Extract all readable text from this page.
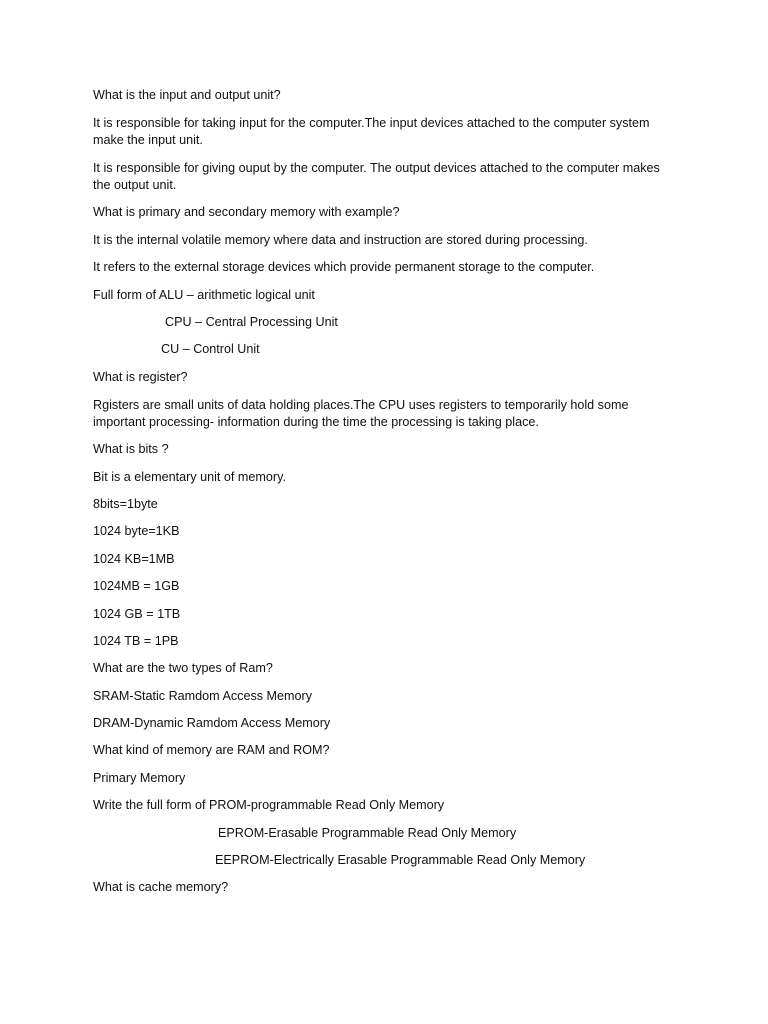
What is the input and output unit?

It is responsible for taking input for the computer.The input devices attached to the computer system make the input unit.

It is responsible for giving ouput by the computer. The output devices attached to the computer makes the output unit.

What is primary and secondary memory with example?

It is the internal volatile memory where data and instruction are stored during processing.

It refers to the external storage devices which provide permanent storage to the computer.

Full form of ALU – arithmetic logical unit

CPU – Central Processing Unit

CU – Control Unit

What is register?

Rgisters are small units of data holding places.The CPU uses registers to temporarily hold some important processing- information during the time the processing is taking place.

What is bits ?

Bit is a elementary unit of memory.

8bits=1byte

1024 byte=1KB

1024 KB=1MB

1024MB = 1GB

1024 GB = 1TB

1024 TB = 1PB

What are the two types of Ram?

SRAM-Static Ramdom Access Memory

DRAM-Dynamic Ramdom Access Memory

What kind of memory are RAM and ROM?

Primary Memory

Write the full form of PROM-programmable Read Only Memory

EPROM-Erasable Programmable Read Only Memory

EEPROM-Electrically Erasable Programmable Read Only Memory

What is cache memory?
